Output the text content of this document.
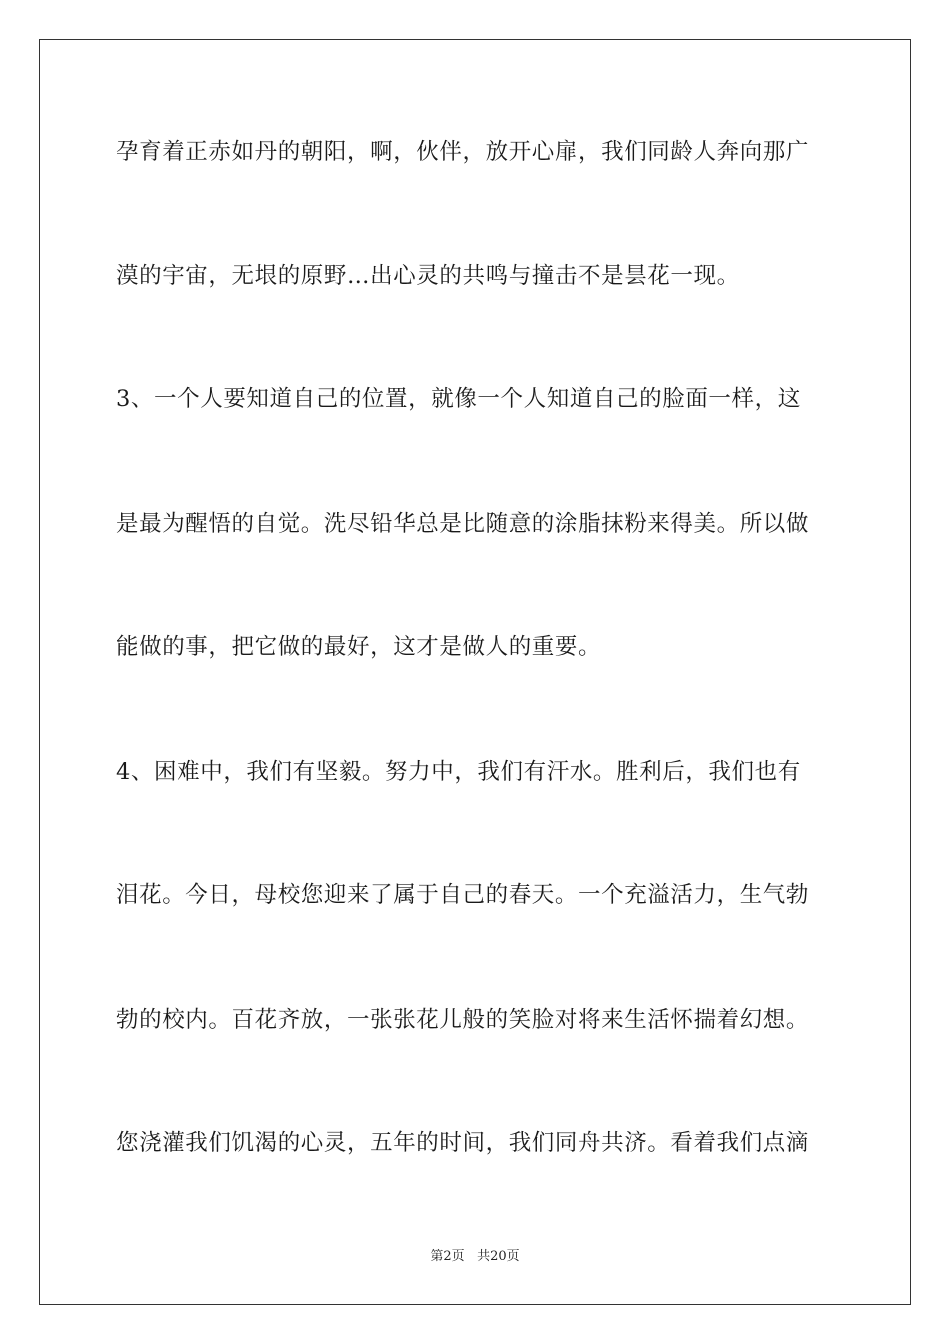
孕育着正赤如丹的朝阳，啊，伙伴，放开心扉，我们同龄人奔向那广
漠的宇宙，无垠的原野…出心灵的共鸣与撞击不是昙花一现。
3、一个人要知道自己的位置，就像一个人知道自己的脸面一样，这
是最为醒悟的自觉。洗尽铅华总是比随意的涂脂抹粉来得美。所以做
能做的事，把它做的最好，这才是做人的重要。
4、困难中，我们有坚毅。努力中，我们有汗水。胜利后，我们也有
泪花。今日，母校您迎来了属于自己的春天。一个充溢活力，生气勃
勃的校内。百花齐放，一张张花儿般的笑脸对将来生活怀揣着幻想。
您浇灌我们饥渴的心灵，五年的时间，我们同舟共济。看着我们点滴
第2页 共20页
